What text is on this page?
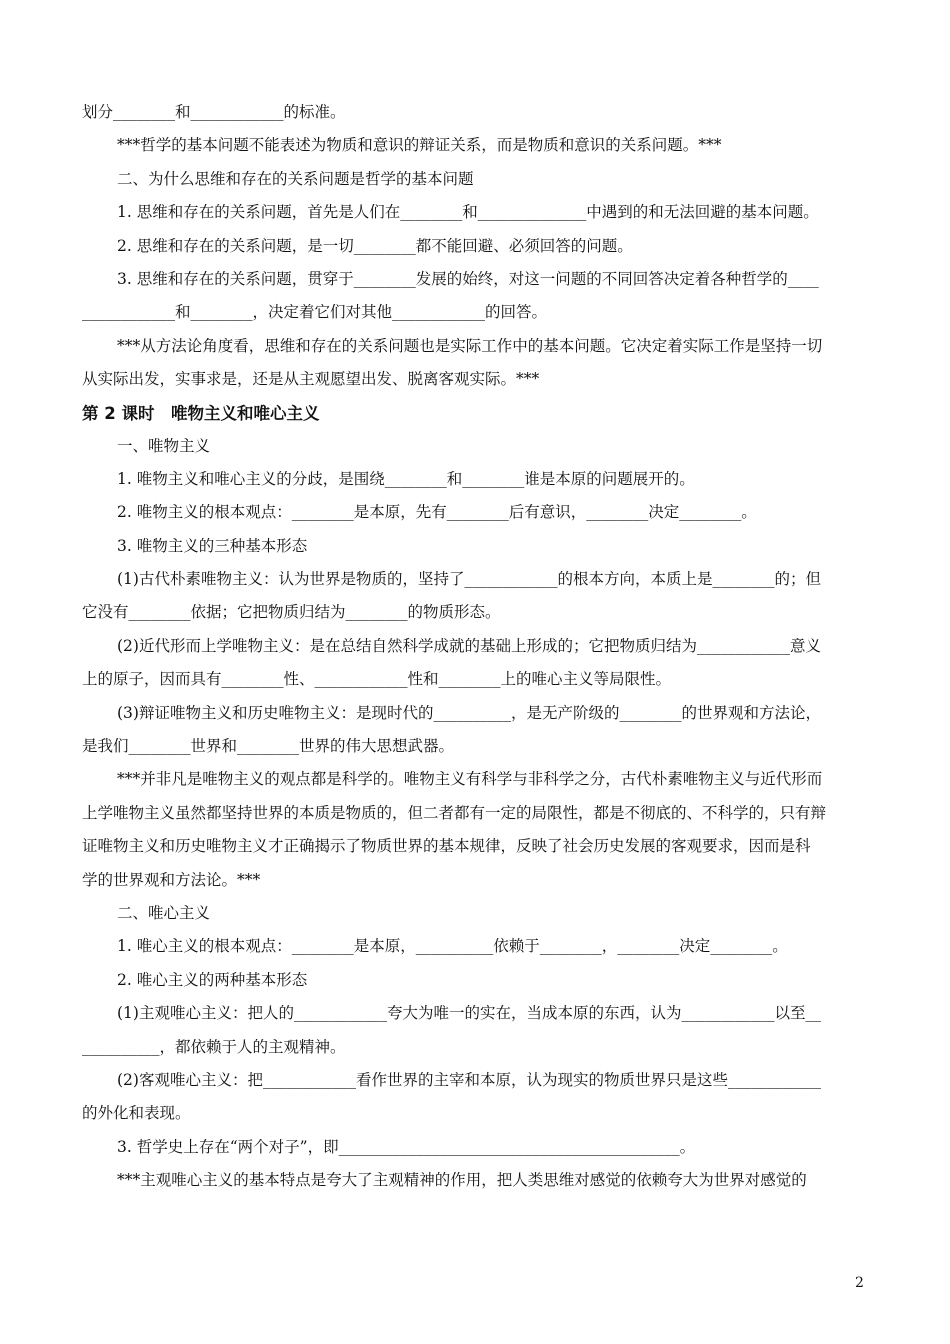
划分________和____________的标准。
***哲学的基本问题不能表述为物质和意识的辩证关系，而是物质和意识的关系问题。***
二、为什么思维和存在的关系问题是哲学的基本问题
1. 思维和存在的关系问题，首先是人们在________和______________中遇到的和无法回避的基本问题。
2. 思维和存在的关系问题，是一切________都不能回避、必须回答的问题。
3. 思维和存在的关系问题，贯穿于________发展的始终，对这一问题的不同回答决定着各种哲学的____
____________和________，决定着它们对其他____________的回答。
***从方法论角度看，思维和存在的关系问题也是实际工作中的基本问题。它决定着实际工作是坚持一切
从实际出发，实事求是，还是从主观愿望出发、脱离客观实际。***
第 2 课时　唯物主义和唯心主义
一、唯物主义
1. 唯物主义和唯心主义的分歧，是围绕________和________谁是本原的问题展开的。
2. 唯物主义的根本观点：________是本原，先有________后有意识，________决定________。
3. 唯物主义的三种基本形态
(1)古代朴素唯物主义：认为世界是物质的，坚持了____________的根本方向，本质上是________的；但
它没有________依据；它把物质归结为________的物质形态。
(2)近代形而上学唯物主义：是在总结自然科学成就的基础上形成的；它把物质归结为____________意义
上的原子，因而具有________性、____________性和________上的唯心主义等局限性。
(3)辩证唯物主义和历史唯物主义：是现时代的__________，是无产阶级的________的世界观和方法论，
是我们________世界和________世界的伟大思想武器。
***并非凡是唯物主义的观点都是科学的。唯物主义有科学与非科学之分，古代朴素唯物主义与近代形而
上学唯物主义虽然都坚持世界的本质是物质的，但二者都有一定的局限性，都是不彻底的、不科学的，只有辩
证唯物主义和历史唯物主义才正确揭示了物质世界的基本规律，反映了社会历史发展的客观要求，因而是科
学的世界观和方法论。***
二、唯心主义
1. 唯心主义的根本观点：________是本原，__________依赖于________，________决定________。
2. 唯心主义的两种基本形态
(1)主观唯心主义：把人的____________夸大为唯一的实在，当成本原的东西，认为____________以至__
__________，都依赖于人的主观精神。
(2)客观唯心主义：把____________看作世界的主宰和本原，认为现实的物质世界只是这些____________
的外化和表现。
3. 哲学史上存在“两个对子”，即____________________________________________。
***主观唯心主义的基本特点是夸大了主观精神的作用，把人类思维对感觉的依赖夸大为世界对感觉的
2
